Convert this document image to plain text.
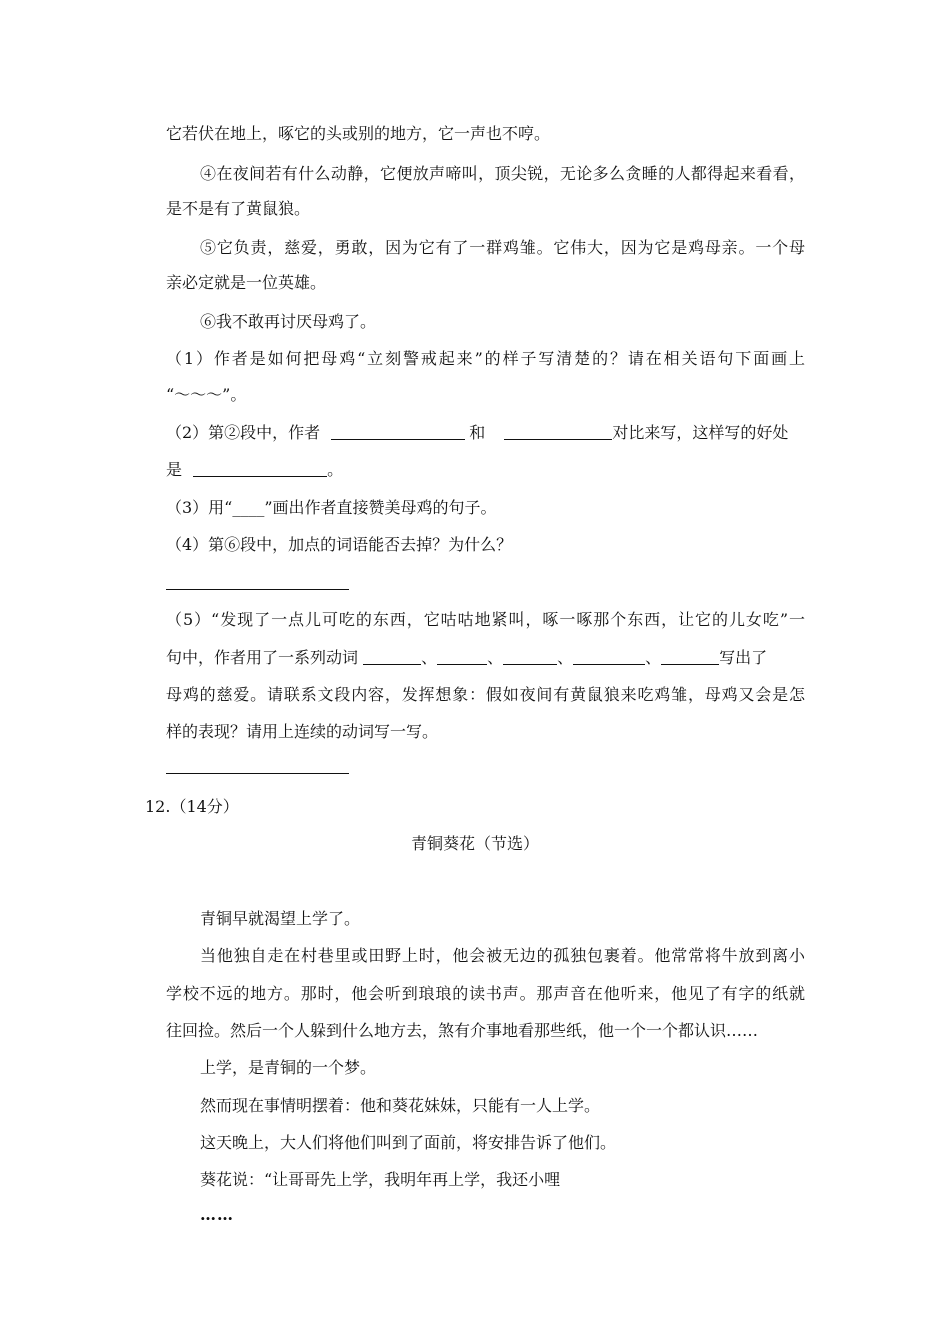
它若伏在地上，啄它的头或别的地方，它一声也不哼。
④在夜间若有什么动静，它便放声啼叫，顶尖锐，无论多么贪睡的人都得起来看看，
是不是有了黄鼠狼。
⑤它负责，慈爱，勇敢，因为它有了一群鸡雏。它伟大，因为它是鸡母亲。一个母
亲必定就是一位英雄。
⑥我不敢再讨厌母鸡了。
（1）作者是如何把母鸡“立刻警戒起来”的样子写清楚的？请在相关语句下面画上
“～～～”。
（2）第②段中，作者	和	对比来写，这样写的好处
是	。
（3）用“____”画出作者直接赞美母鸡的句子。
（4）第⑥段中，加点的词语能否去掉？为什么？
（5）“发现了一点儿可吃的东西，它咕咕地紧叫，啄一啄那个东西，让它的儿女吃”一
句中，作者用了一系列动词	、	、	、	、	写出了
母鸡的慈爱。请联系文段内容，发挥想象：假如夜间有黄鼠狼来吃鸡雏，母鸡又会是怎
样的表现？请用上连续的动词写一写。
12.（14分）
青铜葵花（节选）
青铜早就渴望上学了。
当他独自走在村巷里或田野上时，他会被无边的孤独包裹着。他常常将牛放到离小
学校不远的地方。那时，他会听到琅琅的读书声。那声音在他听来，他见了有字的纸就
往回捡。然后一个人躲到什么地方去，煞有介事地看那些纸，他一个一个都认识……
上学，是青铜的一个梦。
然而现在事情明摆着：他和葵花妹妹，只能有一人上学。
这天晚上，大人们将他们叫到了面前，将安排告诉了他们。
葵花说：“让哥哥先上学，我明年再上学，我还小哩
……
